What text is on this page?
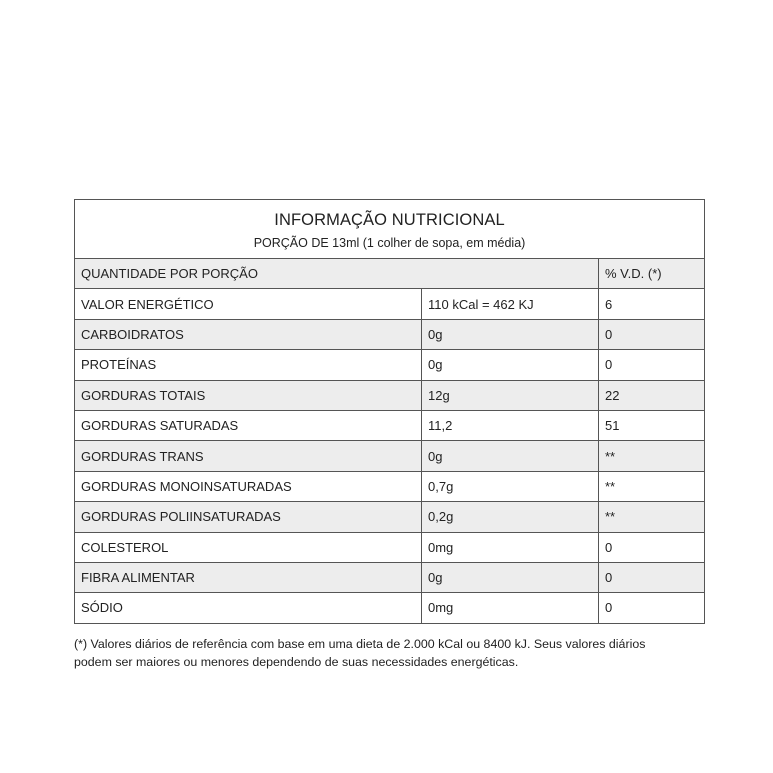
INFORMAÇÃO NUTRICIONAL
PORÇÃO DE 13ml (1 colher de sopa, em média)		

QUANTIDADE POR PORÇÃO		% V.D. (*)
VALOR ENERGÉTICO	110 kCal = 462 KJ	6
CARBOIDRATOS	0g	0
PROTEÍNAS	0g	0
GORDURAS TOTAIS	12g	22
GORDURAS SATURADAS	11,2	51
GORDURAS TRANS	0g	**
GORDURAS MONOINSATURADAS	0,7g	**
GORDURAS POLIINSATURADAS	0,2g	**
COLESTEROL	0mg	0
FIBRA ALIMENTAR	0g	0
SÓDIO	0mg	0
(*) Valores diários de referência com base em uma dieta de 2.000 kCal ou 8400 kJ. Seus valores diários
podem ser maiores ou menores dependendo de suas necessidades energéticas.
